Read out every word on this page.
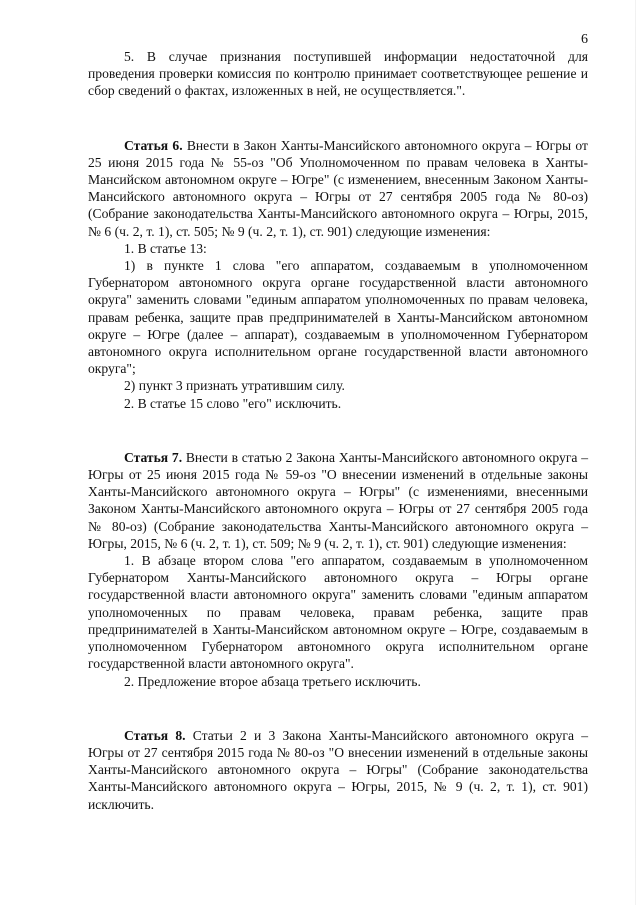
6

5. В случае признания поступившей информации недостаточной для проведения проверки комиссия по контролю принимает соответствующее решение и сбор сведений о фактах, изложенных в ней, не осуществляется.".

Статья 6. Внести в Закон Ханты-Мансийского автономного округа – Югры от 25 июня 2015 года № 55-оз "Об Уполномоченном по правам человека в Ханты-Мансийском автономном округе – Югре" (с изменением, внесенным Законом Ханты-Мансийского автономного округа – Югры от 27 сентября 2005 года № 80-оз) (Собрание законодательства Ханты-Мансийского автономного округа – Югры, 2015, № 6 (ч. 2, т. 1), ст. 505; № 9 (ч. 2, т. 1), ст. 901) следующие изменения:

1. В статье 13:

1) в пункте 1 слова "его аппаратом, создаваемым в уполномоченном Губернатором автономного округа органе государственной власти автономного округа" заменить словами "единым аппаратом уполномоченных по правам человека, правам ребенка, защите прав предпринимателей в Ханты-Мансийском автономном округе – Югре (далее – аппарат), создаваемым в уполномоченном Губернатором автономного округа исполнительном органе государственной власти автономного округа";

2) пункт 3 признать утратившим силу.

2. В статье 15 слово "его" исключить.

Статья 7. Внести в статью 2 Закона Ханты-Мансийского автономного округа – Югры от 25 июня 2015 года № 59-оз "О внесении изменений в отдельные законы Ханты-Мансийского автономного округа – Югры" (с изменениями, внесенными Законом Ханты-Мансийского автономного округа – Югры от 27 сентября 2005 года № 80-оз) (Собрание законодательства Ханты-Мансийского автономного округа – Югры, 2015, № 6 (ч. 2, т. 1), ст. 509; № 9 (ч. 2, т. 1), ст. 901) следующие изменения:

1. В абзаце втором слова "его аппаратом, создаваемым в уполномоченном Губернатором Ханты-Мансийского автономного округа – Югры органе государственной власти автономного округа" заменить словами "единым аппаратом уполномоченных по правам человека, правам ребенка, защите прав предпринимателей в Ханты-Мансийском автономном округе – Югре, создаваемым в уполномоченном Губернатором автономного округа исполнительном органе государственной власти автономного округа".

2. Предложение второе абзаца третьего исключить.

Статья 8. Статьи 2 и 3 Закона Ханты-Мансийского автономного округа – Югры от 27 сентября 2015 года № 80-оз "О внесении изменений в отдельные законы Ханты-Мансийского автономного округа – Югры" (Собрание законодательства Ханты-Мансийского автономного округа – Югры, 2015, № 9 (ч. 2, т. 1), ст. 901) исключить.
